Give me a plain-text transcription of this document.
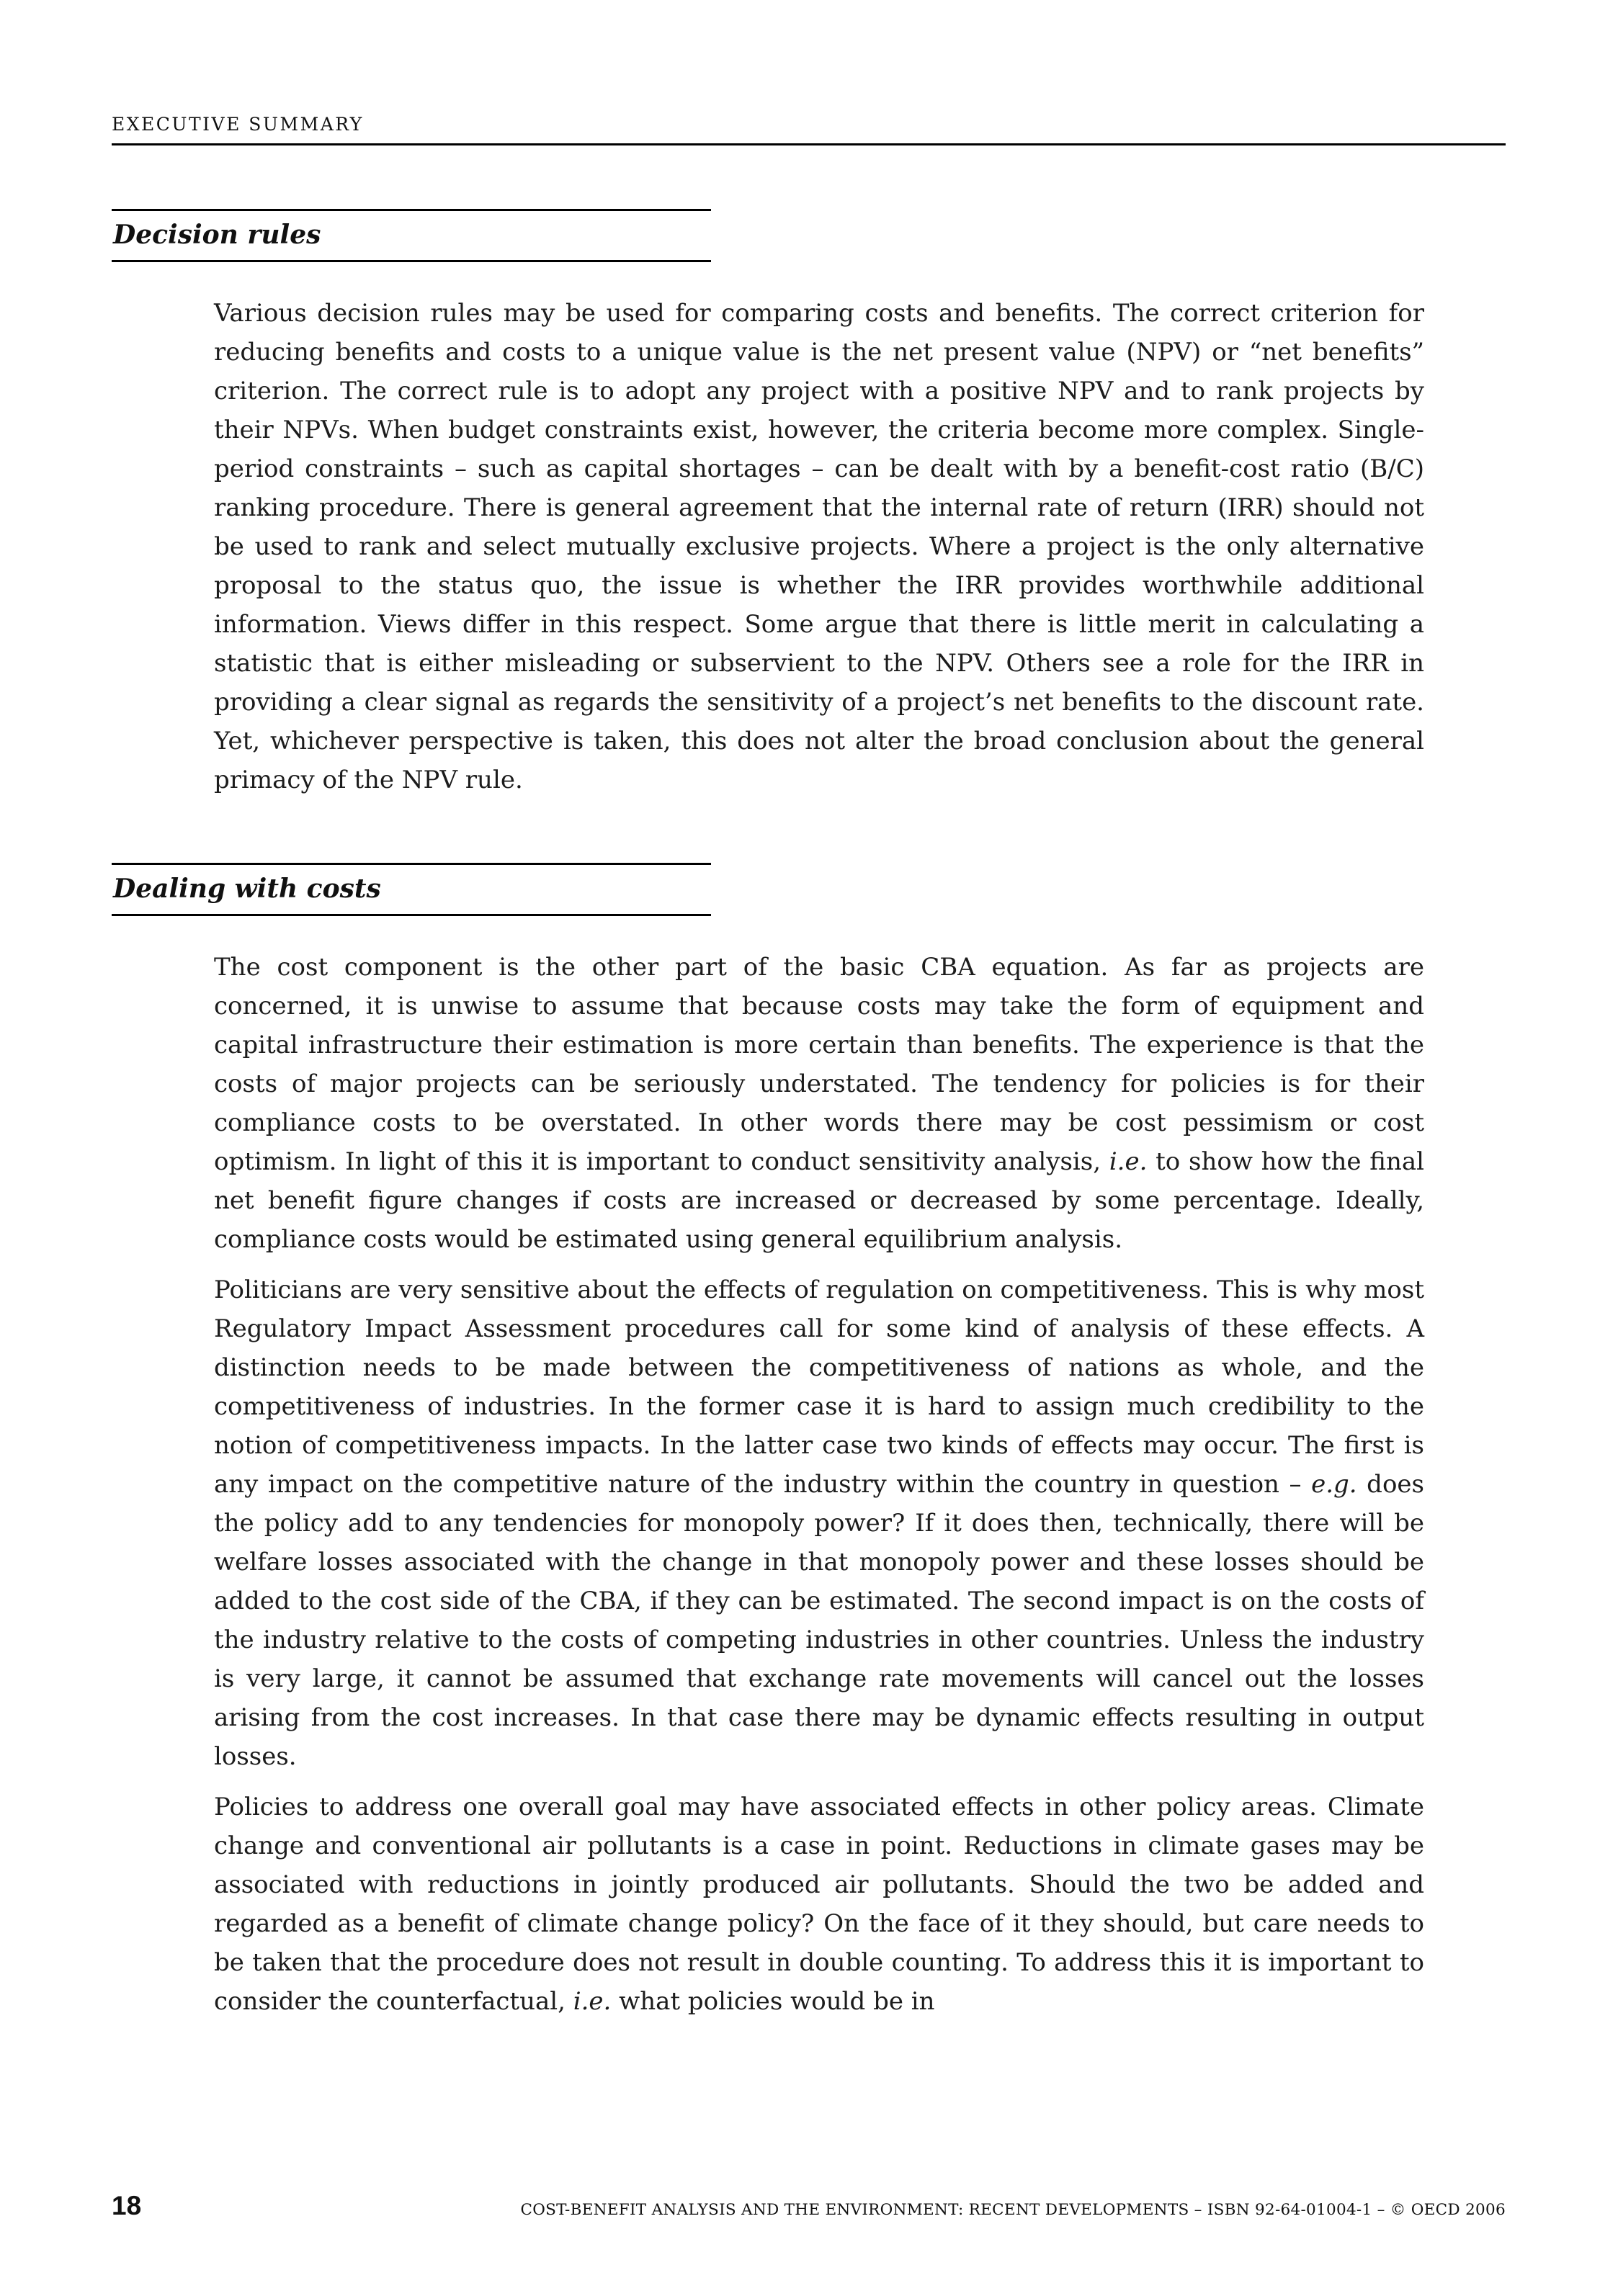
EXECUTIVE SUMMARY
Decision rules

Various decision rules may be used for comparing costs and benefits. The correct criterion for reducing benefits and costs to a unique value is the net present value (NPV) or “net benefits” criterion. The correct rule is to adopt any project with a positive NPV and to rank projects by their NPVs. When budget constraints exist, however, the criteria become more complex. Single-period constraints – such as capital shortages – can be dealt with by a benefit-cost ratio (B/C) ranking procedure. There is general agreement that the internal rate of return (IRR) should not be used to rank and select mutually exclusive projects. Where a project is the only alternative proposal to the status quo, the issue is whether the IRR provides worthwhile additional information. Views differ in this respect. Some argue that there is little merit in calculating a statistic that is either misleading or subservient to the NPV. Others see a role for the IRR in providing a clear signal as regards the sensitivity of a project’s net benefits to the discount rate. Yet, whichever perspective is taken, this does not alter the broad conclusion about the general primacy of the NPV rule.

Dealing with costs

The cost component is the other part of the basic CBA equation. As far as projects are concerned, it is unwise to assume that because costs may take the form of equipment and capital infrastructure their estimation is more certain than benefits. The experience is that the costs of major projects can be seriously understated. The tendency for policies is for their compliance costs to be overstated. In other words there may be cost pessimism or cost optimism. In light of this it is important to conduct sensitivity analysis, i.e. to show how the final net benefit figure changes if costs are increased or decreased by some percentage. Ideally, compliance costs would be estimated using general equilibrium analysis.

Politicians are very sensitive about the effects of regulation on competitiveness. This is why most Regulatory Impact Assessment procedures call for some kind of analysis of these effects. A distinction needs to be made between the competitiveness of nations as whole, and the competitiveness of industries. In the former case it is hard to assign much credibility to the notion of competitiveness impacts. In the latter case two kinds of effects may occur. The first is any impact on the competitive nature of the industry within the country in question – e.g. does the policy add to any tendencies for monopoly power? If it does then, technically, there will be welfare losses associated with the change in that monopoly power and these losses should be added to the cost side of the CBA, if they can be estimated. The second impact is on the costs of the industry relative to the costs of competing industries in other countries. Unless the industry is very large, it cannot be assumed that exchange rate movements will cancel out the losses arising from the cost increases. In that case there may be dynamic effects resulting in output losses.

Policies to address one overall goal may have associated effects in other policy areas. Climate change and conventional air pollutants is a case in point. Reductions in climate gases may be associated with reductions in jointly produced air pollutants. Should the two be added and regarded as a benefit of climate change policy? On the face of it they should, but care needs to be taken that the procedure does not result in double counting. To address this it is important to consider the counterfactual, i.e. what policies would be in

18	COST-BENEFIT ANALYSIS AND THE ENVIRONMENT: RECENT DEVELOPMENTS – ISBN 92-64-01004-1 – © OECD 2006
